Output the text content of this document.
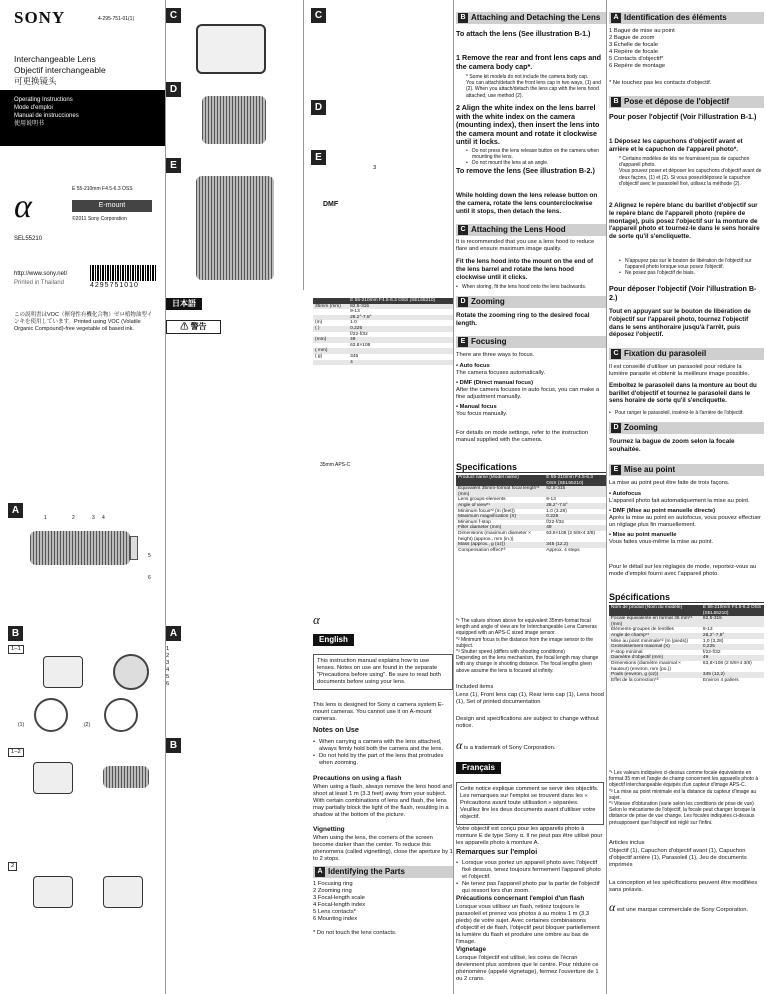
SONY	4-295-751-01(1)
Interchangeable Lens
Objectif interchangeable
可更换镜头
Operating Instructions
Mode d'emploi
Manual de instrucciones
使用说明书
E 55-210mm F4.5-6.3 OSS
α	E-mount
©2011 Sony Corporation
SEL55210
http://www.sony.net/
Printed in Thailand	4295751010
この説明書はVOC（揮発性有機化合物）ゼロ植物油型インキを使用しています。Printed using VOC (Volatile Organic Compound)-free vegetable oil based ink.
A
1	2	3 4
5
6
B
1–1
(1)	(2)
1–2
2
C
D
E
C
D
E
3
DMF
日本語
⚠ 警告
	E 55-210mm F4.5-6.3 OSS (SEL55210)
35mm (mm)	82.5-315
	9-13
	28.2°-7.8°
(m)	1.0
( )	0.225
	f/22-f/32
(mm)	49
	63.8×108
( mm)	
( g)	345
	4
35mm APS-C
A
1
2
3
4
5
6
B
α
English
This instruction manual explains how to use lenses. Notes on use are found in the separate "Precautions before using". Be sure to read both documents before using your lens.
This lens is designed for Sony α camera system E-mount cameras. You cannot use it on A-mount cameras.
Notes on Use
• When carrying a camera with the lens attached, always firmly hold both the camera and the lens.
• Do not hold by the part of the lens that protrudes when zooming.
Precautions on using a flash
When using a flash, always remove the lens hood and shoot at least 1 m (3.3 feet) away from your subject. With certain combinations of lens and flash, the lens may partially block the light of the flash, resulting in a shadow at the bottom of the picture.
Vignetting
When using the lens, the corners of the screen become darker than the center. To reduce this phenomena (called vignetting), close the aperture by 1 to 2 stops.
A Identifying the Parts
1 Focusing ring
2 Zooming ring
3 Focal-length scale
4 Focal-length index
5 Lens contacts*
6 Mounting index
* Do not touch the lens contacts.
B Attaching and Detaching the Lens
To attach the lens (See illustration B-1.)
1 Remove the rear and front lens caps and the camera body cap*.
* Some kit models do not include the camera body cap.
You can attach/detach the front lens cap in two ways, (1) and (2). When you attach/detach the lens cap with the lens hood attached, use method (2).
2 Align the white index on the lens barrel with the white index on the camera (mounting index), then insert the lens into the camera mount and rotate it clockwise until it locks.
• Do not press the lens release button on the camera when mounting the lens.
• Do not mount the lens at an angle.
To remove the lens (See illustration B-2.)
While holding down the lens release button on the camera, rotate the lens counterclockwise until it stops, then detach the lens.
C Attaching the Lens Hood
It is recommended that you use a lens hood to reduce flare and ensure maximum image quality.
Fit the lens hood into the mount on the end of the lens barrel and rotate the lens hood clockwise until it clicks.
• When storing, fit the lens hood onto the lens backwards.
D Zooming
Rotate the zooming ring to the desired focal length.
E Focusing
There are three ways to focus.
• Auto focus
The camera focuses automatically.
• DMF (Direct manual focus)
After the camera focuses in auto focus, you can make a fine adjustment manually.
• Manual focus
You focus manually.
For details on mode settings, refer to the instruction manual supplied with the camera.
Specifications
Product name (Model name)	E 55-210mm F4.5-6.3 OSS (SEL55210)
Equivalent 35mm-format focal length*¹ (mm)	82.5-315
Lens groups-elements	9-13
Angle of view*¹	28.2°-7.8°
Minimum focus*² (m (feet))	1.0 (3.28)
Maximum magnification (X)	0.225
Minimum f-stop	f/22-f/32
Filter diameter (mm)	49
Dimensions (maximum diameter × height) (approx., mm (in.))	63.8×108 (2 5/8×4 3/8)
Mass (approx., g (oz))	345 (12.2)
Compensation effect*³	Approx. 4 steps
*¹ The values shown above for equivalent 35mm-format focal length and angle of view are for Interchangeable Lens Cameras equipped with an APS-C sized image sensor.
*² Minimum focus is the distance from the image sensor to the subject.
*³ Shutter speed (differs with shooting conditions)
Depending on the lens mechanism, the focal length may change with any change in shooting distance. The focal lengths given above assume the lens is focused at infinity.
Included items
Lens (1), Front lens cap (1), Rear lens cap (1), Lens hood (1), Set of printed documentation
Design and specifications are subject to change without notice.
α is a trademark of Sony Corporation.
Français
Cette notice explique comment se servir des objectifs. Les remarques sur l'emploi se trouvent dans les « Précautions avant toute utilisation » séparées. Veuillez lire les deux documents avant d'utiliser votre objectif.
Votre objectif est conçu pour les appareils photo à monture E de type Sony α. Il ne peut pas être utilisé pour les appareils photo à monture A.
Remarques sur l'emploi
• Lorsque vous portez un appareil photo avec l'objectif fixé dessus, tenez toujours fermement l'appareil photo et l'objectif.
• Ne tenez pas l'appareil photo par la partie de l'objectif qui ressort lors d'un zoom.
Précautions concernant l'emploi d'un flash
Lorsque vous utilisez un flash, retirez toujours le parasoleil et prenez vos photos à au moins 1 m (3,3 pieds) de votre sujet. Avec certaines combinaisons d'objectif et de flash, l'objectif peut bloquer partiellement la lumière du flash et produire une ombre au bas de l'image.
Vignetage
Lorsque l'objectif est utilisé, les coins de l'écran deviennent plus sombres que le centre. Pour réduire ce phénomène (appelé vignetage), fermez l'ouverture de 1 ou 2 crans.
A Identification des éléments
1 Bague de mise au point
2 Bague de zoom
3 Échelle de focale
4 Repère de focale
5 Contacts d'objectif*
6 Repère de montage
* Ne touchez pas les contacts d'objectif.
B Pose et dépose de l'objectif
Pour poser l'objectif (Voir l'illustration B-1.)
1 Déposez les capuchons d'objectif avant et arrière et le capuchon de l'appareil photo*.
* Certains modèles de kits ne fournissent pas de capuchon d'appareil photo.
Vous pouvez poser et déposer les capuchons d'objectif avant de deux façons, (1) et (2). Si vous posez/déposez le capuchon d'objectif avec le parasoleil fixé, utilisez la méthode (2).
2 Alignez le repère blanc du barillet d'objectif sur le repère blanc de l'appareil photo (repère de montage), puis posez l'objectif sur la monture de l'appareil photo et tournez-le dans le sens horaire de sorte qu'il s'encliquette.
• N'appuyez pas sur le bouton de libération de l'objectif sur l'appareil photo lorsque vous posez l'objectif.
• Ne posez pas l'objectif de biais.
Pour déposer l'objectif (Voir l'illustration B-2.)
Tout en appuyant sur le bouton de libération de l'objectif sur l'appareil photo, tournez l'objectif dans le sens antihoraire jusqu'à l'arrêt, puis déposez l'objectif.
C Fixation du parasoleil
Il est conseillé d'utiliser un parasoleil pour réduire la lumière parasite et obtenir la meilleure image possible.
Emboîtez le parasoleil dans la monture au bout du barillet d'objectif et tournez le parasoleil dans le sens horaire de sorte qu'il s'encliquette.
• Pour ranger le parasoleil, insérez-le à l'arrière de l'objectif.
D Zooming
Tournez la bague de zoom selon la focale souhaitée.
E Mise au point
La mise au point peut être faite de trois façons.
• Autofocus
L'appareil photo fait automatiquement la mise au point.
• DMF (Mise au point manuelle directe)
Après la mise au point en autofocus, vous pouvez effectuer un réglage plus fin manuellement.
• Mise au point manuelle
Vous faites vous-même la mise au point.
Pour le détail sur les réglages de mode, reportez-vous au mode d'emploi fourni avec l'appareil photo.
Spécifications
Nom de produit (Nom du modèle)	E 55-210mm F4.5-6.3 OSS (SEL55210)
Focale équivalente en format 35 mm*¹ (mm)	82,5-315
Éléments-groupes de lentilles	9-13
Angle de champ*¹	28,2°-7,8°
Mise au point minimale*² (m (pieds))	1,0 (3,28)
Grossissement maximal (X)	0,225
F-stop minimal	f/22-f/32
Diamètre d'objectif (mm)	49
Dimensions (diamètre maximal × hauteur) (environ, mm (po.))	63,8×108 (2 5/8×4 3/8)
Poids (environ, g (oz))	345 (12,2)
Effet de la correction*³	Environ 4 paliers
*¹ Les valeurs indiquées ci-dessus comme focale équivalente en format 35 mm et l'angle de champ concernent les appareils photo à objectif interchangeable équipés d'un capteur d'image APS-C.
*² La mise au point minimale est la distance du capteur d'image au sujet.
*³ Vitesse d'obturation (varie selon les conditions de prise de vue)
Selon le mécanisme de l'objectif, la focale peut changer lorsque la distance de prise de vue change. Les focales indiquées ci-dessus présupposent que l'objectif est réglé sur l'infini.
Articles inclus
Objectif (1), Capuchon d'objectif avant (1), Capuchon d'objectif arrière (1), Parasoleil (1), Jeu de documents imprimés
La conception et les spécifications peuvent être modifiées sans préavis.
α est une marque commerciale de Sony Corporation.
